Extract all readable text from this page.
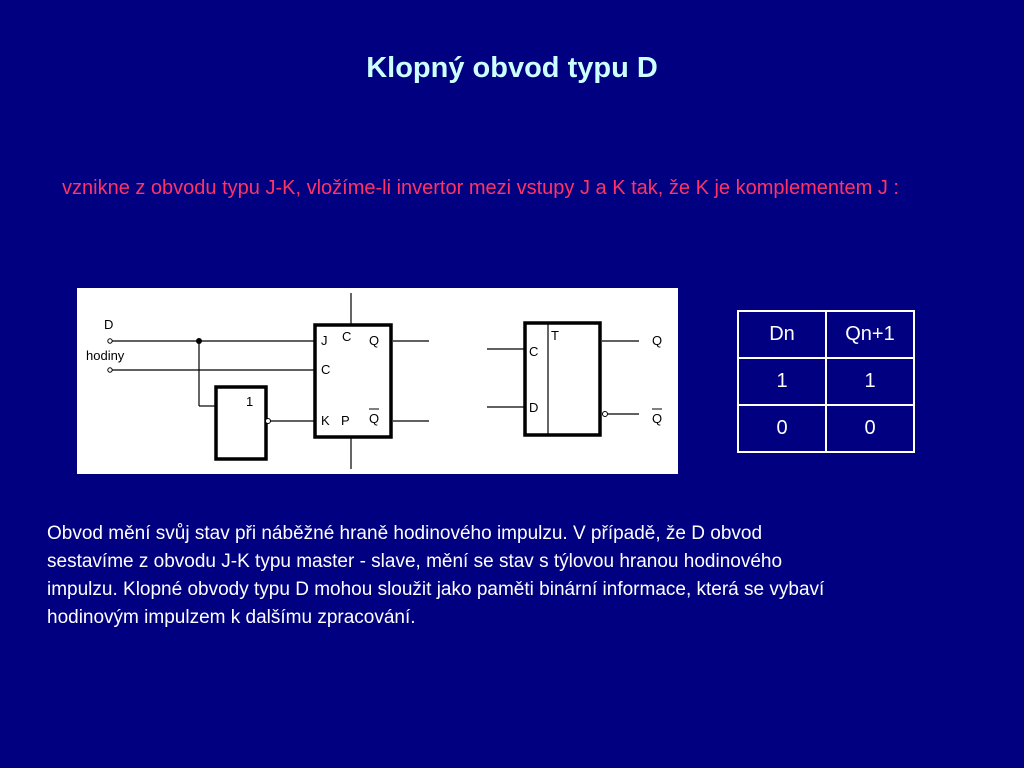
Klopný obvod typu D
vznikne z obvodu typu J-K, vložíme-li invertor mezi vstupy J a K tak, že K je komplementem J :
D
hodiny
1
J C
C
K P
Q
Q
C
T
D
Q
Q
Dn	Qn+1
1	1
0	0
Obvod mění svůj stav při náběžné hraně hodinového impulzu. V případě, že D obvod
sestavíme z obvodu J-K typu master - slave, mění se stav s týlovou hranou hodinového
impulzu. Klopné obvody typu D mohou sloužit jako paměti binární informace, která se vybaví
hodinovým impulzem k dalšímu zpracování.
